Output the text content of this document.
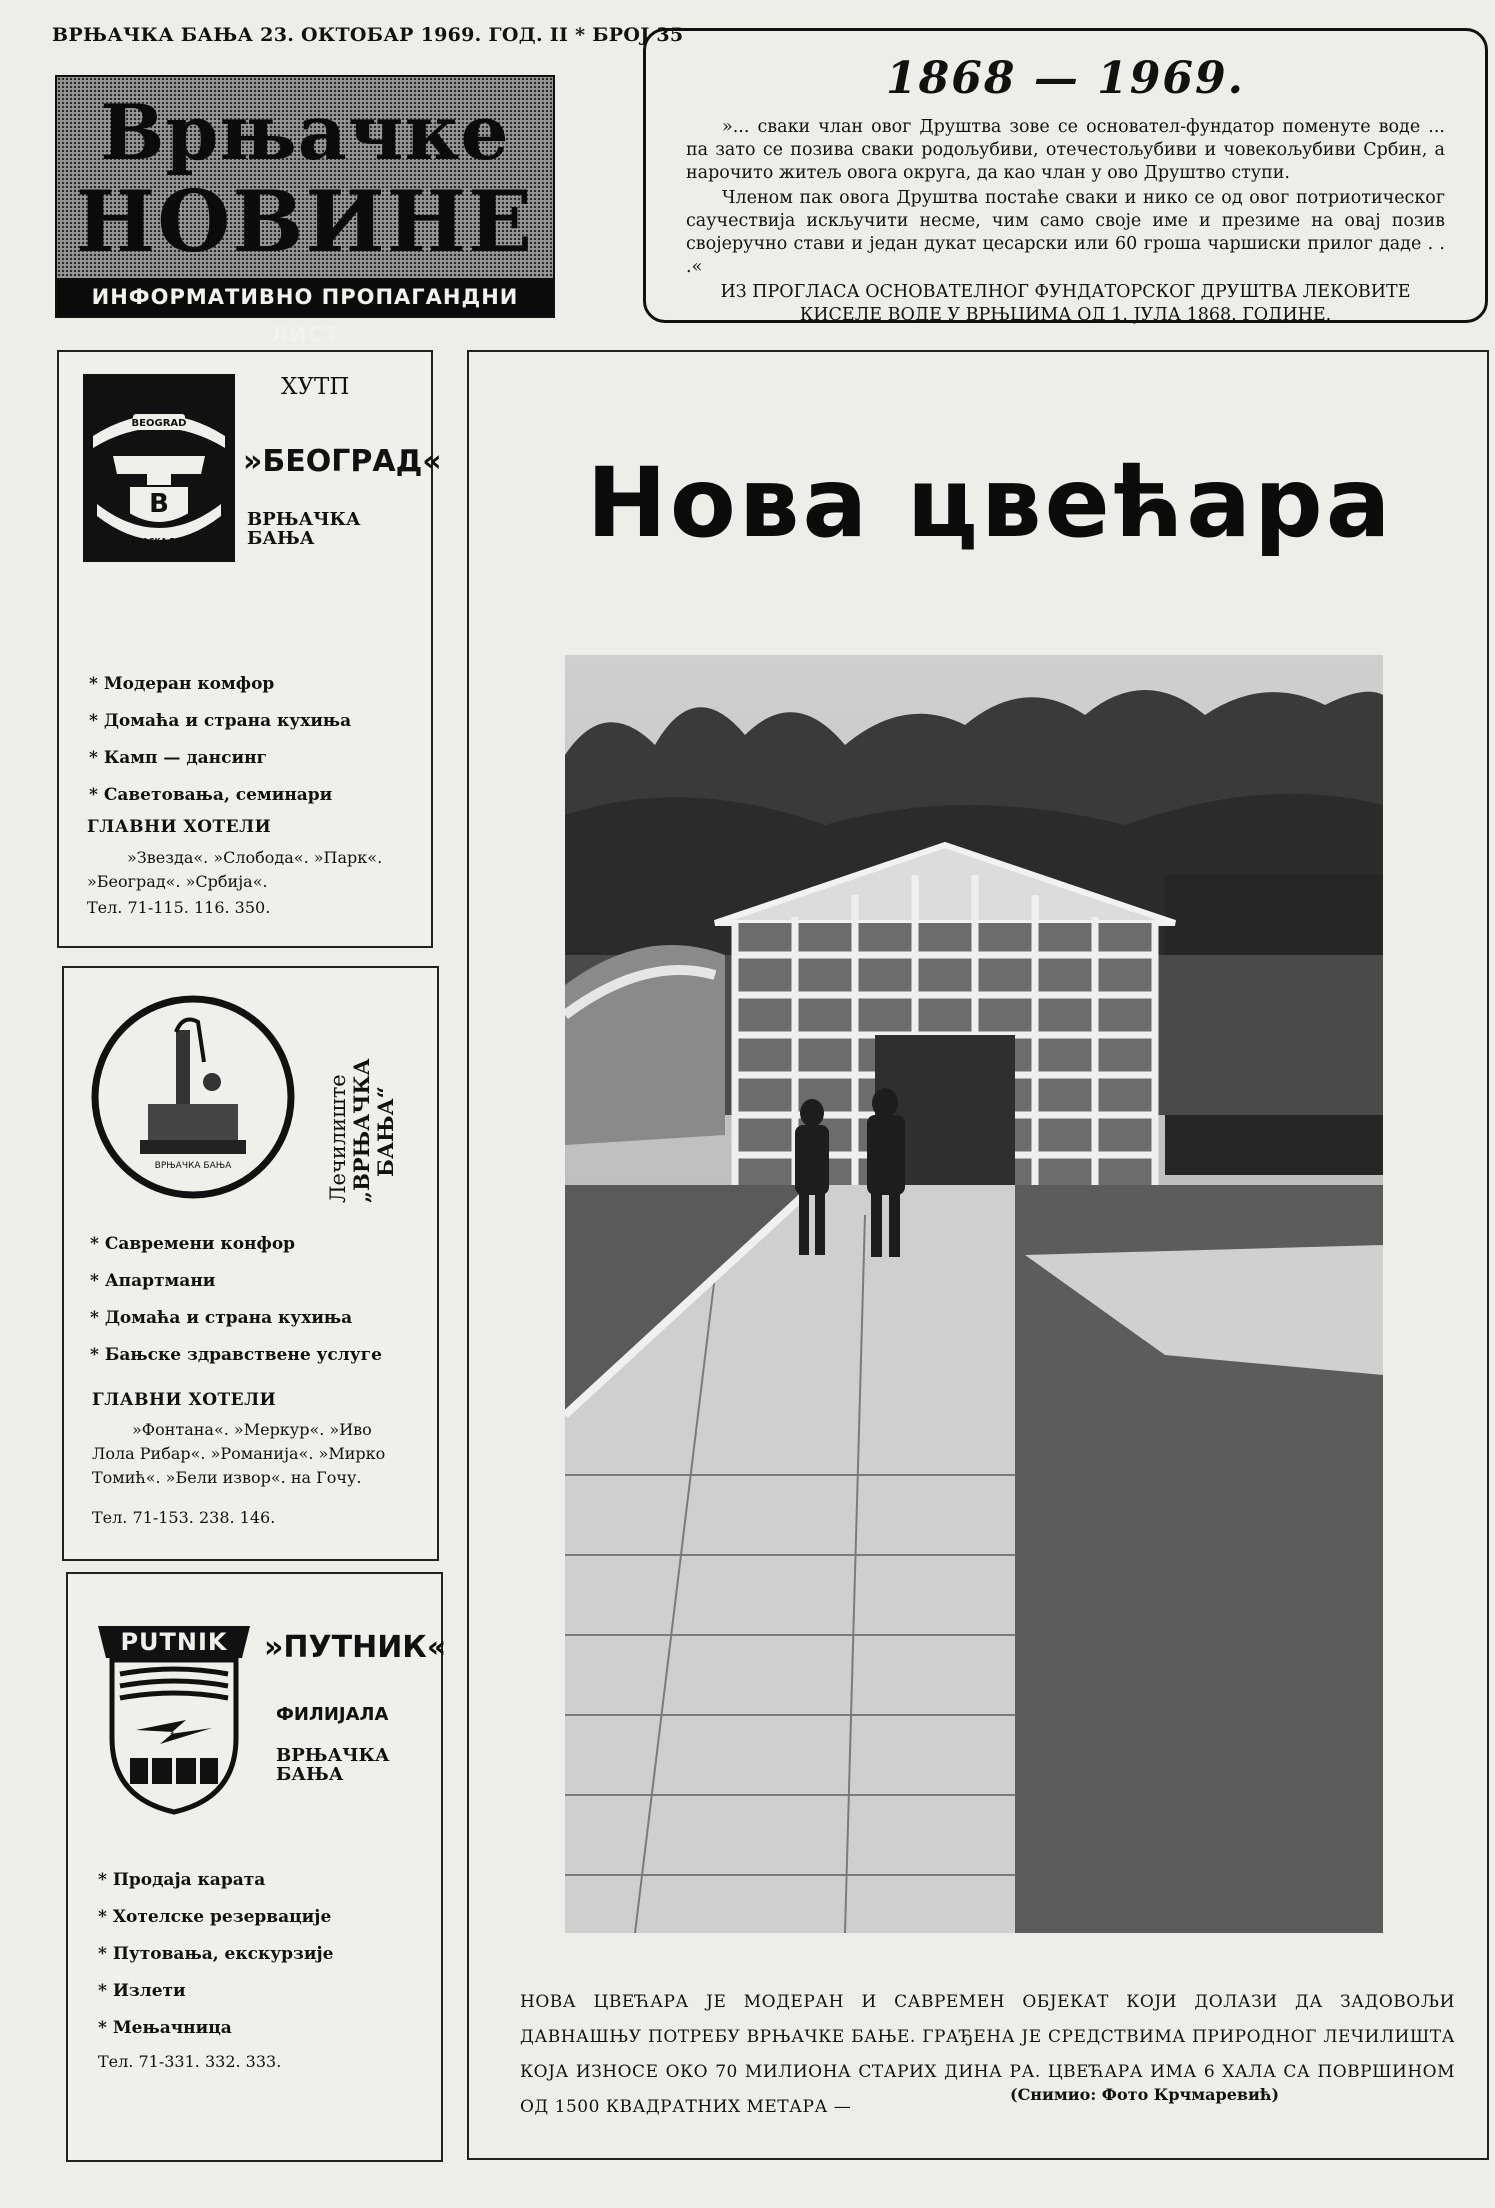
ВРЊАЧКА БАЊА 23. ОКТОБАР 1969. ГОД. II * БРОЈ 35
Врњачке
НОВИНЕ
ИНФОРМАТИВНО ПРОПАГАНДНИ ЛИСТ
1868 — 1969.

»... сваки члан овог Друштва зове се основател-фундатор поменуте воде ... па зато се позива сваки родољубиви, отечестољубиви и човекољубиви Србин, а нарочито житељ овога округа, да као члан у ово Друштво ступи.

Членом пак овога Друштва постаће сваки и нико се од овог потриотическог саучествија искључити несме, чим само своје име и презиме на овај позив својеручно стави и један дукат цесарски или 60 гроша чаршиски прилог даде . . .«

ИЗ ПРОГЛАСА ОСНОВАТЕЛНОГ ФУНДАТОРСКОГ ДРУШТВА ЛЕКОВИТЕ КИСЕЛЕ ВОДЕ У ВРЊЦИМА ОД 1. ЈУЛА 1868. ГОДИНЕ.

BEOGRAD
B
VRNJACKA BANJA
ХУТП
»БЕОГРАД«
ВРЊАЧКА БАЊА
* Модеран комфор
* Домаћа и страна кухиња
* Камп — дансинг
* Саветовања, семинари
ГЛАВНИ ХОТЕЛИ
»Звезда«. »Слобода«. »Парк«. »Београд«. »Србија«.
Тел. 71-115. 116. 350.
ВРЊАЧКА БАЊА	Лечилиште „ВРЊАЧКА БАЊА“
* Савремени конфор
* Апартмани
* Домаћа и страна кухиња
* Бањске здравствене услуге
ГЛАВНИ ХОТЕЛИ
»Фонтана«. »Меркур«. »Иво Лола Рибар«. »Романија«. »Мирко Томић«. »Бели извор«. на Гочу.
Тел. 71-153. 238. 146.
PUTNIK »ПУТНИК«
ФИЛИЈАЛА
ВРЊАЧКА БАЊА
* Продаја карата
* Хотелске резервације
* Путовања, екскурзије
* Излети
* Мењачница
Тел. 71-331. 332. 333.
Нова цвећара

НОВА ЦВЕЋАРА ЈЕ МОДЕРАН И САВРЕМЕН ОБЈЕКАТ КОЈИ ДОЛАЗИ ДА ЗАДОВОЉИ ДАВНАШЊУ ПОТРЕБУ ВРЊАЧКЕ БАЊЕ. ГРАЂЕНА ЈЕ СРЕДСТВИМА ПРИРОДНОГ ЛЕЧИЛИШТА КОЈА ИЗНОСЕ ОКО 70 МИЛИОНА СТАРИХ ДИНА РА. ЦВЕЋАРА ИМА 6 ХАЛА СА ПОВРШИНОМ ОД 1500 КВАДРАТНИХ МЕТАРА —

(Снимио: Фото Крчмаревић)
